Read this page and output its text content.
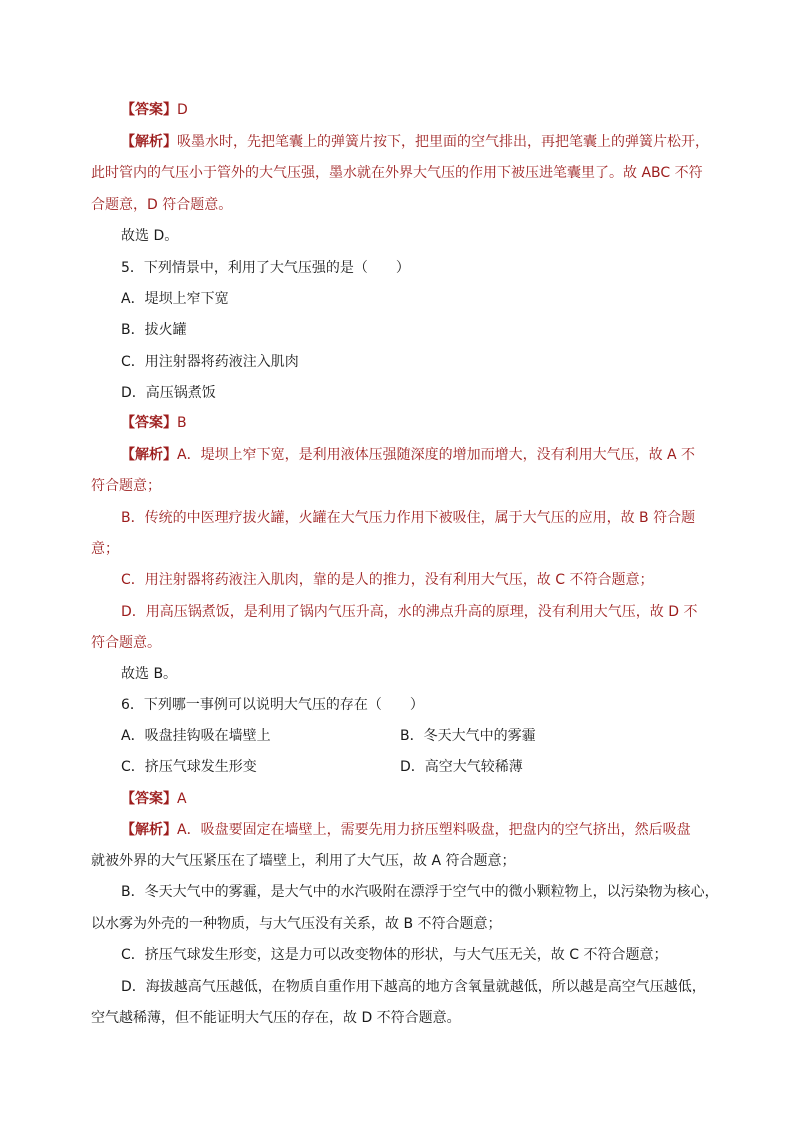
【答案】D
【解析】吸墨水时，先把笔囊上的弹簧片按下，把里面的空气排出，再把笔囊上的弹簧片松开，
此时管内的气压小于管外的大气压强，墨水就在外界大气压的作用下被压进笔囊里了。故 ABC 不符
合题意，D 符合题意。
故选 D。
5．下列情景中，利用了大气压强的是（　　）
A．堤坝上窄下宽
B．拔火罐
C．用注射器将药液注入肌肉
D．高压锅煮饭
【答案】B
【解析】A．堤坝上窄下宽，是利用液体压强随深度的增加而增大，没有利用大气压，故 A 不
符合题意；
B．传统的中医理疗拔火罐，火罐在大气压力作用下被吸住，属于大气压的应用，故 B 符合题
意；
C．用注射器将药液注入肌肉，靠的是人的推力，没有利用大气压，故 C 不符合题意；
D．用高压锅煮饭，是利用了锅内气压升高，水的沸点升高的原理，没有利用大气压，故 D 不
符合题意。
故选 B。
6．下列哪一事例可以说明大气压的存在（　　）
A．吸盘挂钩吸在墙壁上	B．冬天大气中的雾霾
C．挤压气球发生形变	D．高空大气较稀薄
【答案】A
【解析】A．吸盘要固定在墙壁上，需要先用力挤压塑料吸盘，把盘内的空气挤出，然后吸盘
就被外界的大气压紧压在了墙壁上，利用了大气压，故 A 符合题意；
B．冬天大气中的雾霾，是大气中的水汽吸附在漂浮于空气中的微小颗粒物上，以污染物为核心，
以水雾为外壳的一种物质，与大气压没有关系，故 B 不符合题意；
C．挤压气球发生形变，这是力可以改变物体的形状，与大气压无关，故 C 不符合题意；
D．海拔越高气压越低，在物质自重作用下越高的地方含氧量就越低，所以越是高空气压越低，
空气越稀薄，但不能证明大气压的存在，故 D 不符合题意。
